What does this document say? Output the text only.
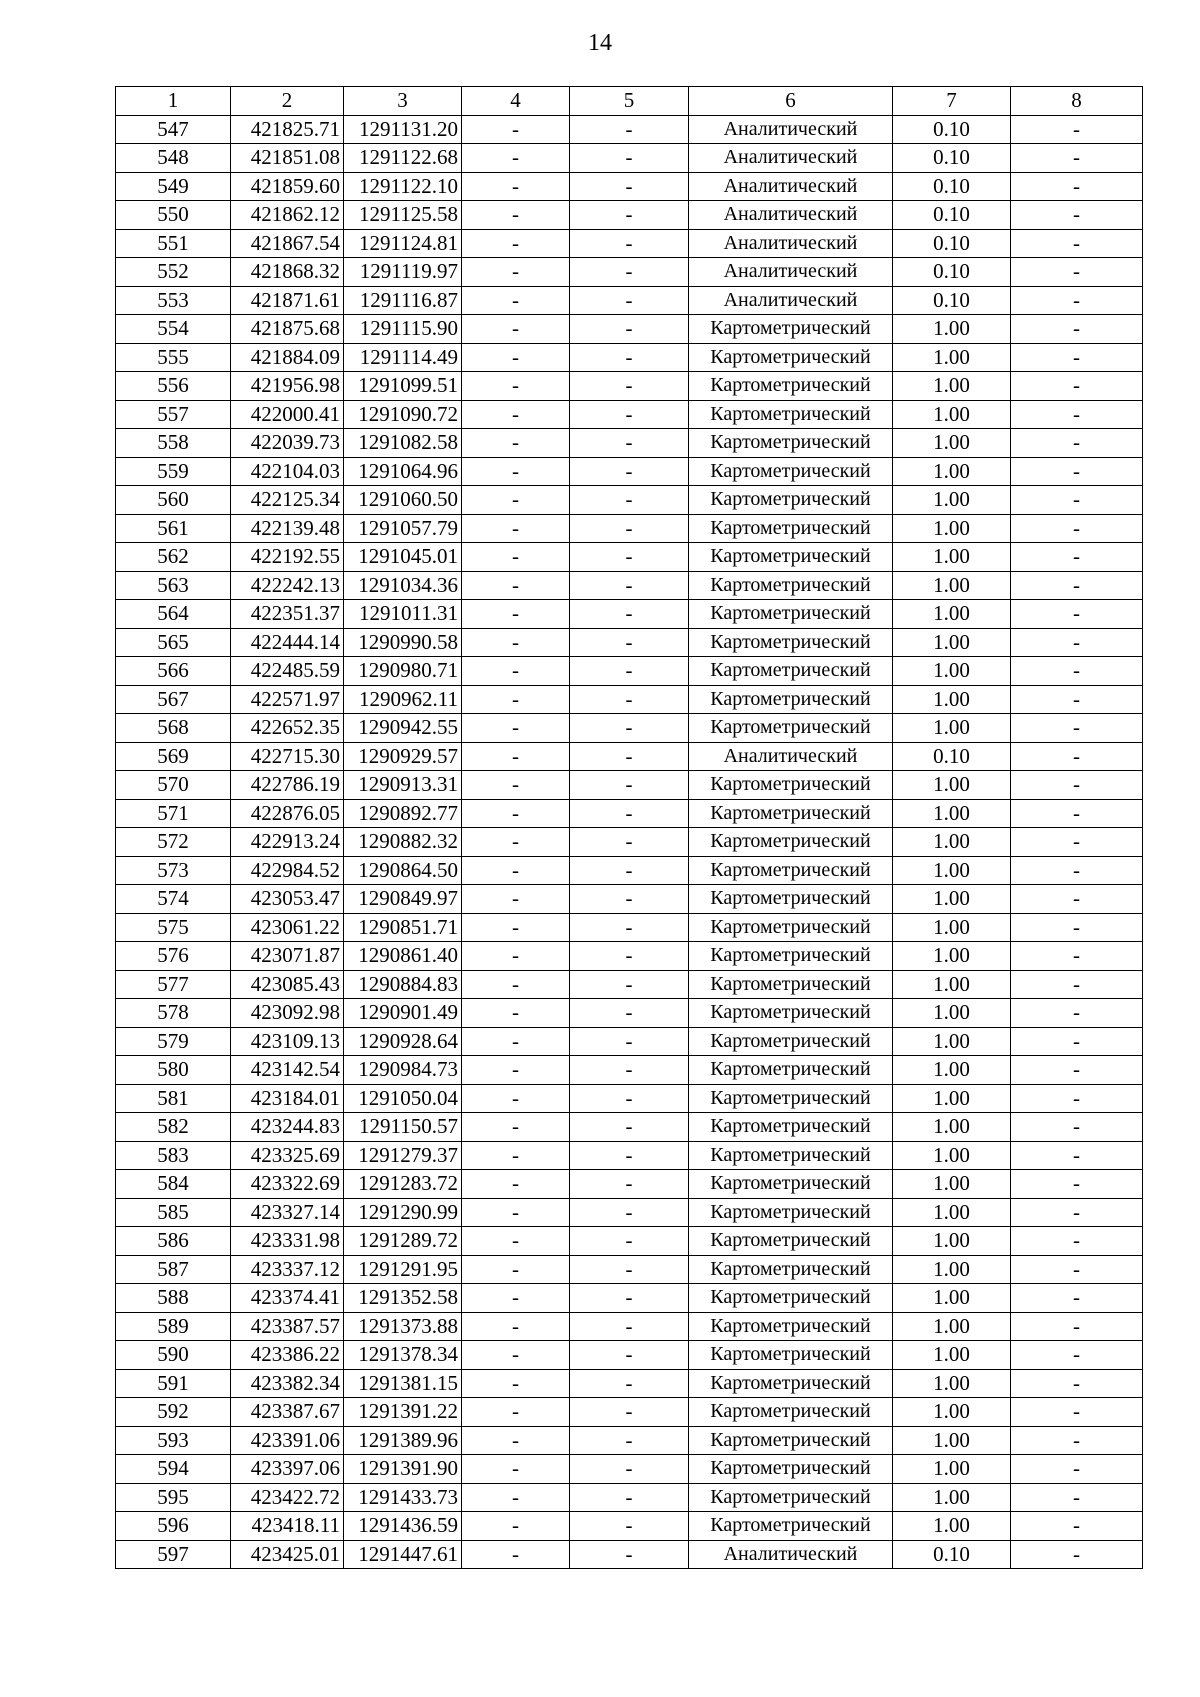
14
1	2	3	4	5	6	7	8
547	421825.71	1291131.20	-	-	Аналитический	0.10	-
548	421851.08	1291122.68	-	-	Аналитический	0.10	-
549	421859.60	1291122.10	-	-	Аналитический	0.10	-
550	421862.12	1291125.58	-	-	Аналитический	0.10	-
551	421867.54	1291124.81	-	-	Аналитический	0.10	-
552	421868.32	1291119.97	-	-	Аналитический	0.10	-
553	421871.61	1291116.87	-	-	Аналитический	0.10	-
554	421875.68	1291115.90	-	-	Картометрический	1.00	-
555	421884.09	1291114.49	-	-	Картометрический	1.00	-
556	421956.98	1291099.51	-	-	Картометрический	1.00	-
557	422000.41	1291090.72	-	-	Картометрический	1.00	-
558	422039.73	1291082.58	-	-	Картометрический	1.00	-
559	422104.03	1291064.96	-	-	Картометрический	1.00	-
560	422125.34	1291060.50	-	-	Картометрический	1.00	-
561	422139.48	1291057.79	-	-	Картометрический	1.00	-
562	422192.55	1291045.01	-	-	Картометрический	1.00	-
563	422242.13	1291034.36	-	-	Картометрический	1.00	-
564	422351.37	1291011.31	-	-	Картометрический	1.00	-
565	422444.14	1290990.58	-	-	Картометрический	1.00	-
566	422485.59	1290980.71	-	-	Картометрический	1.00	-
567	422571.97	1290962.11	-	-	Картометрический	1.00	-
568	422652.35	1290942.55	-	-	Картометрический	1.00	-
569	422715.30	1290929.57	-	-	Аналитический	0.10	-
570	422786.19	1290913.31	-	-	Картометрический	1.00	-
571	422876.05	1290892.77	-	-	Картометрический	1.00	-
572	422913.24	1290882.32	-	-	Картометрический	1.00	-
573	422984.52	1290864.50	-	-	Картометрический	1.00	-
574	423053.47	1290849.97	-	-	Картометрический	1.00	-
575	423061.22	1290851.71	-	-	Картометрический	1.00	-
576	423071.87	1290861.40	-	-	Картометрический	1.00	-
577	423085.43	1290884.83	-	-	Картометрический	1.00	-
578	423092.98	1290901.49	-	-	Картометрический	1.00	-
579	423109.13	1290928.64	-	-	Картометрический	1.00	-
580	423142.54	1290984.73	-	-	Картометрический	1.00	-
581	423184.01	1291050.04	-	-	Картометрический	1.00	-
582	423244.83	1291150.57	-	-	Картометрический	1.00	-
583	423325.69	1291279.37	-	-	Картометрический	1.00	-
584	423322.69	1291283.72	-	-	Картометрический	1.00	-
585	423327.14	1291290.99	-	-	Картометрический	1.00	-
586	423331.98	1291289.72	-	-	Картометрический	1.00	-
587	423337.12	1291291.95	-	-	Картометрический	1.00	-
588	423374.41	1291352.58	-	-	Картометрический	1.00	-
589	423387.57	1291373.88	-	-	Картометрический	1.00	-
590	423386.22	1291378.34	-	-	Картометрический	1.00	-
591	423382.34	1291381.15	-	-	Картометрический	1.00	-
592	423387.67	1291391.22	-	-	Картометрический	1.00	-
593	423391.06	1291389.96	-	-	Картометрический	1.00	-
594	423397.06	1291391.90	-	-	Картометрический	1.00	-
595	423422.72	1291433.73	-	-	Картометрический	1.00	-
596	423418.11	1291436.59	-	-	Картометрический	1.00	-
597	423425.01	1291447.61	-	-	Аналитический	0.10	-
